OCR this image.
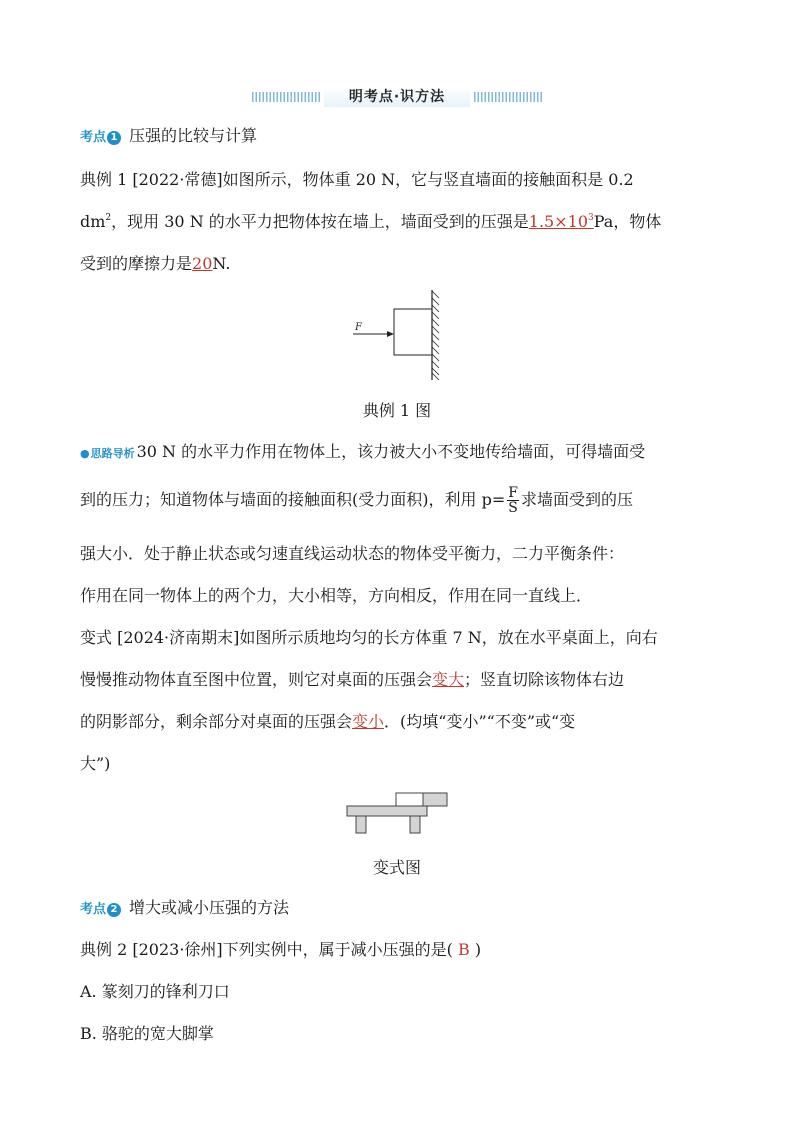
明考点·识方法
考点 1 压强的比较与计算
典例 1 [2022·常德]如图所示，物体重 20 N，它与竖直墙面的接触面积是 0.2
$dm^2$，现用 30 N 的水平力把物体按在墙上，墙面受到的压强是$1.5\times 10^3Pa$，物体
受到的摩擦力是20N.
F
典例 1 图
●思路导析 30 N 的水平力作用在物体上，该力被大小不变地传给墙面，可得墙面受
到的压力；知道物体与墙面的接触面积(受力面积)，利用 $p= \frac{F}{S}$ 求墙面受到的压
强大小．处于静止状态或匀速直线运动状态的物体受平衡力，二力平衡条件：
作用在同一物体上的两个力，大小相等，方向相反，作用在同一直线上．
变式 [2024·济南期末]如图所示质地均匀的长方体重 7 N，放在水平桌面上，向右
慢慢推动物体直至图中位置，则它对桌面的压强会变大；竖直切除该物体右边
的阴影部分，剩余部分对桌面的压强会变小．(均填“变小”“不变”或“变
大”)
变式图
考点 2 增大或减小压强的方法
典例 2 [2023·徐州]下列实例中，属于减小压强的是( B )
A. 篆刻刀的锋利刀口
B. 骆驼的宽大脚掌
